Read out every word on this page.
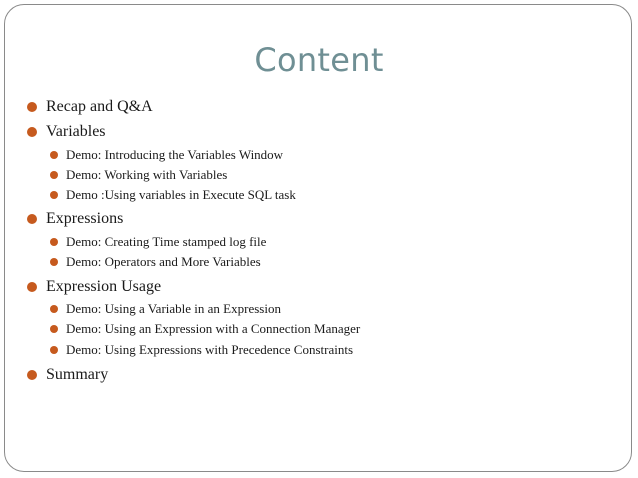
Content
Recap and Q&A
Variables
Demo: Introducing the Variables Window
Demo: Working with Variables
Demo :Using variables in Execute SQL task
Expressions
Demo: Creating Time stamped log file
Demo: Operators and More Variables
Expression Usage
Demo: Using a Variable in an Expression
Demo: Using an Expression with a Connection Manager
Demo: Using Expressions with Precedence Constraints
Summary
